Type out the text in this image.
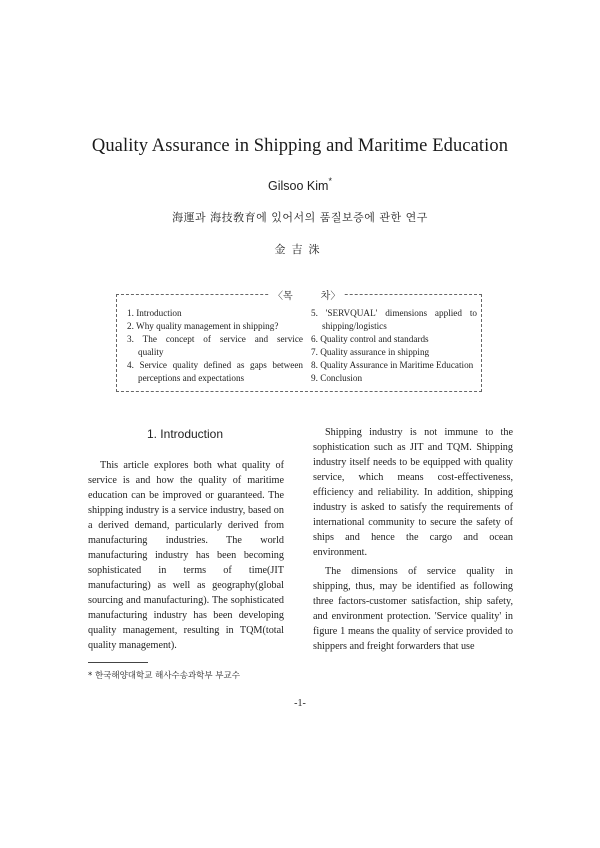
Quality Assurance in Shipping and Maritime Education
Gilsoo Kim*
海運과 海技敎育에 있어서의 품질보증에 관한 연구
金吉洙
〈목	차〉
1. Introduction
2. Why quality management in shipping?
3. The concept of service and service
quality
4. Service quality defined as gaps between
perceptions and expectations
5. 'SERVQUAL' dimensions applied to
shipping/logistics
6. Quality control and standards
7. Quality assurance in shipping
8. Quality Assurance in Maritime Education
9. Conclusion
1. Introduction

This article explores both what quality of service is and how the quality of maritime education can be improved or guaranteed. The shipping industry is a service industry, based on a derived demand, particularly derived from manufacturing industries. The world manufacturing industry has been becoming sophisticated in terms of time(JIT manufacturing) as well as geography(global sourcing and manufacturing). The sophisticated manufacturing industry has been developing quality management, resulting in TQM(total quality management).

Shipping industry is not immune to the sophistication such as JIT and TQM. Shipping industry itself needs to be equipped with quality service, which means cost-effectiveness, efficiency and reliability. In addition, shipping industry is asked to satisfy the requirements of international community to secure the safety of ships and hence the cargo and ocean environment.

The dimensions of service quality in shipping, thus, may be identified as following three factors-customer satisfaction, ship safety, and environment protection. 'Service quality' in figure 1 means the quality of service provided to shippers and freight forwarders that use

* 한국해양대학교 해사수송과학부 부교수
-1-
